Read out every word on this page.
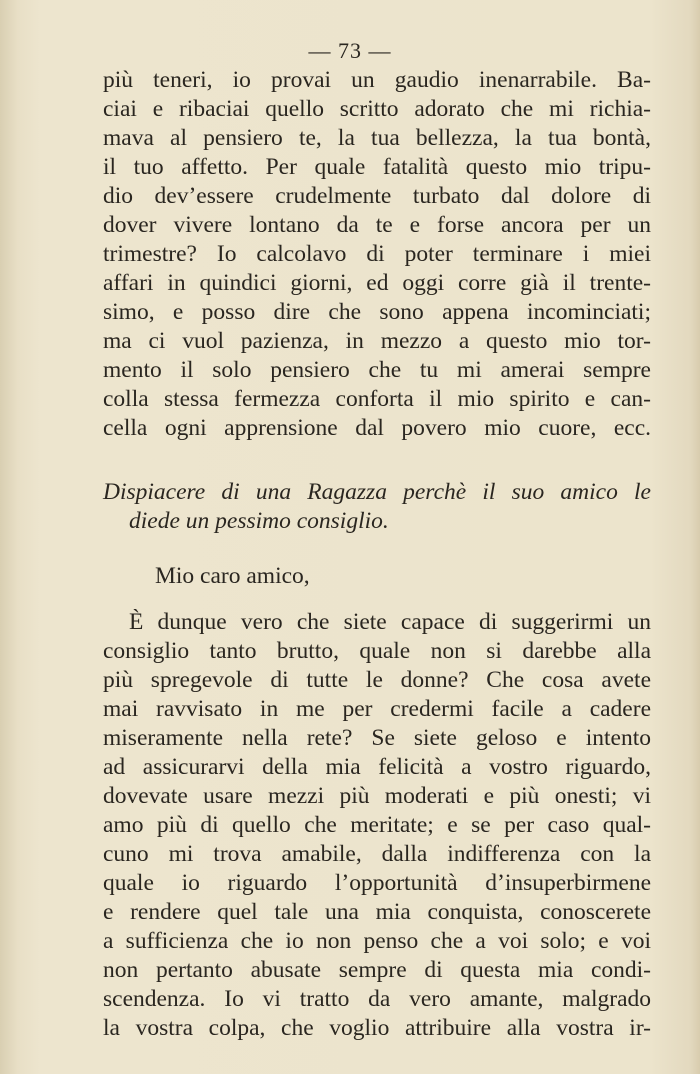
— 73 —
più teneri, io provai un gaudio inenarrabile. Ba-
ciai e ribaciai quello scritto adorato che mi richia-
mava al pensiero te, la tua bellezza, la tua bontà,
il tuo affetto. Per quale fatalità questo mio tripu-
dio dev’essere crudelmente turbato dal dolore di
dover vivere lontano da te e forse ancora per un
trimestre? Io calcolavo di poter terminare i miei
affari in quindici giorni, ed oggi corre già il trente-
simo, e posso dire che sono appena incominciati;
ma ci vuol pazienza, in mezzo a questo mio tor-
mento il solo pensiero che tu mi amerai sempre
colla stessa fermezza conforta il mio spirito e can-
cella ogni apprensione dal povero mio cuore, ecc.
Dispiacere di una Ragazza perchè il suo amico le
diede un pessimo consiglio.
Mio caro amico,
È dunque vero che siete capace di suggerirmi un
consiglio tanto brutto, quale non si darebbe alla
più spregevole di tutte le donne? Che cosa avete
mai ravvisato in me per credermi facile a cadere
miseramente nella rete? Se siete geloso e intento
ad assicurarvi della mia felicità a vostro riguardo,
dovevate usare mezzi più moderati e più onesti; vi
amo più di quello che meritate; e se per caso qual-
cuno mi trova amabile, dalla indifferenza con la
quale io riguardo l’opportunità d’insuperbirmene
e rendere quel tale una mia conquista, conoscerete
a sufficienza che io non penso che a voi solo; e voi
non pertanto abusate sempre di questa mia condi-
scendenza. Io vi tratto da vero amante, malgrado
la vostra colpa, che voglio attribuire alla vostra ir-
